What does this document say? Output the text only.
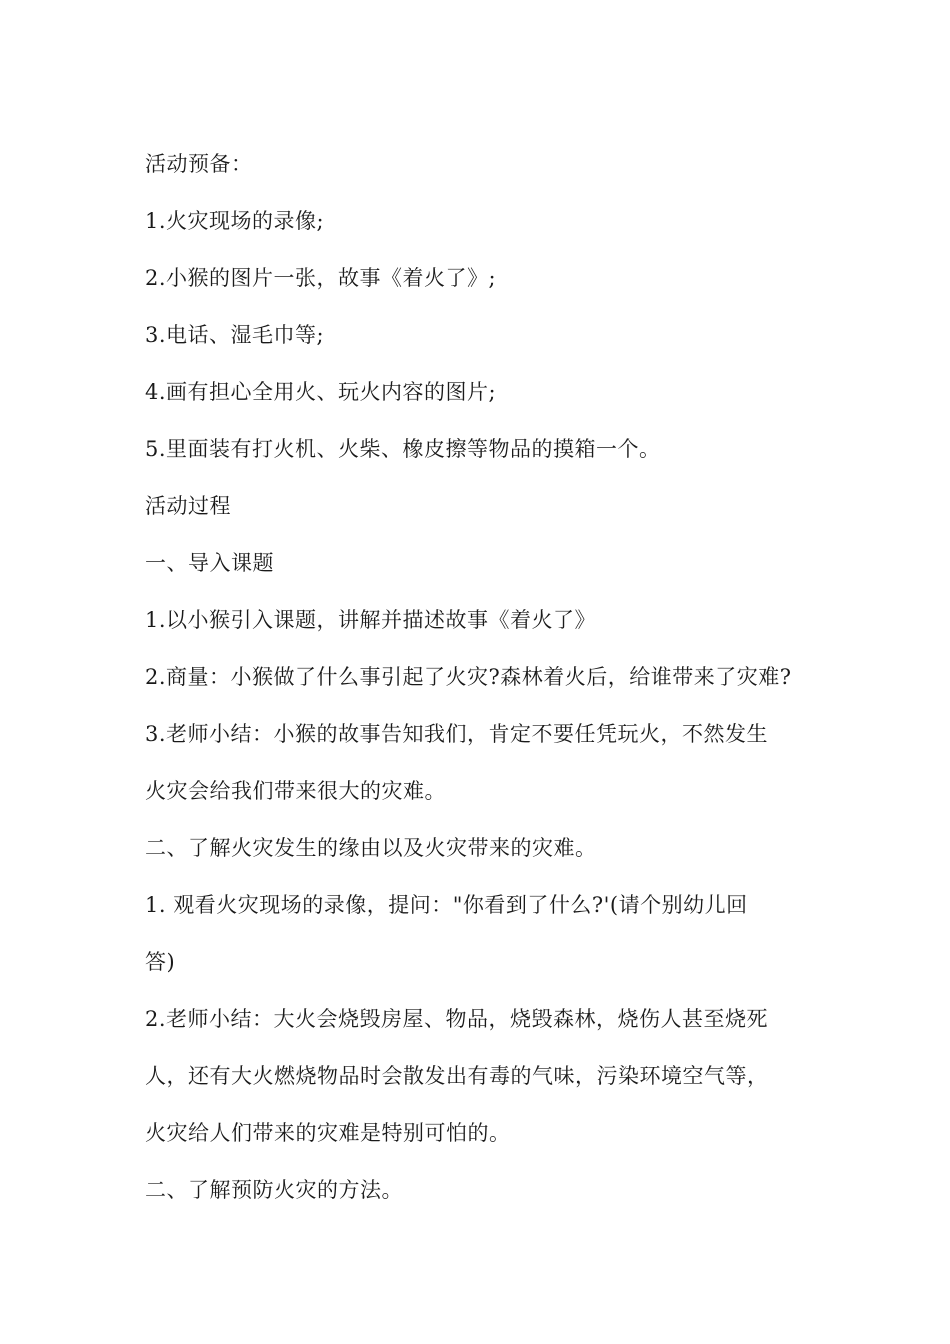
活动预备：
1.火灾现场的录像;
2.小猴的图片一张，故事《着火了》;
3.电话、湿毛巾等;
4.画有担心全用火、玩火内容的图片;
5.里面装有打火机、火柴、橡皮擦等物品的摸箱一个。
活动过程
一、导入课题
1.以小猴引入课题，讲解并描述故事《着火了》
2.商量：小猴做了什么事引起了火灾?森林着火后，给谁带来了灾难?
3.老师小结：小猴的故事告知我们，肯定不要任凭玩火，不然发生
火灾会给我们带来很大的灾难。
二、了解火灾发生的缘由以及火灾带来的灾难。
1. 观看火灾现场的录像，提问："你看到了什么?'(请个别幼儿回
答)
2.老师小结：大火会烧毁房屋、物品，烧毁森林，烧伤人甚至烧死
人，还有大火燃烧物品时会散发出有毒的气味，污染环境空气等，
火灾给人们带来的灾难是特别可怕的。
二、了解预防火灾的方法。
